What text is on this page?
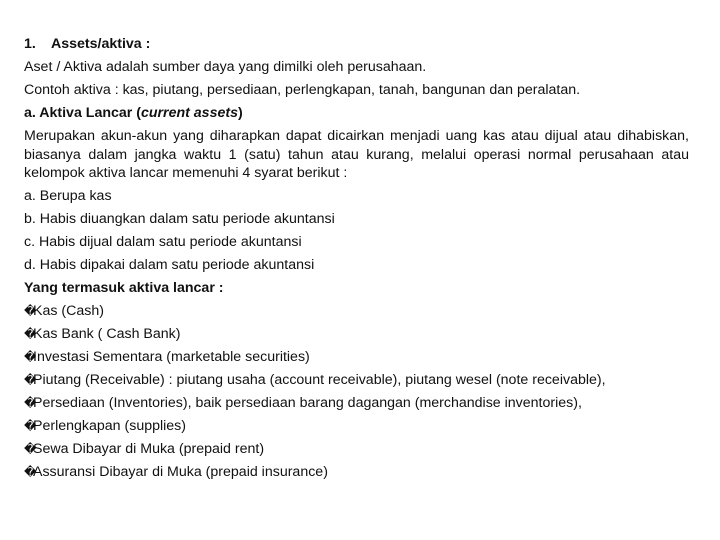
1. Assets/aktiva :
Aset / Aktiva adalah sumber daya yang dimilki oleh perusahaan.
Contoh aktiva : kas, piutang, persediaan, perlengkapan, tanah, bangunan dan peralatan.
a. Aktiva Lancar (current assets)
Merupakan akun-akun yang diharapkan dapat dicairkan menjadi uang kas atau dijual atau dihabiskan, biasanya dalam jangka waktu 1 (satu) tahun atau kurang, melalui operasi normal perusahaan atau kelompok aktiva lancar memenuhi 4 syarat berikut :
a. Berupa kas
b. Habis diuangkan dalam satu periode akuntansi
c. Habis dijual dalam satu periode akuntansi
d. Habis dipakai dalam satu periode akuntansi
Yang termasuk aktiva lancar :
�Kas (Cash)
�Kas Bank ( Cash Bank)
�Investasi Sementara (marketable securities)
�Piutang (Receivable) : piutang usaha (account receivable), piutang wesel (note receivable),
�Persediaan (Inventories), baik persediaan barang dagangan (merchandise inventories),
�Perlengkapan (supplies)
�Sewa Dibayar di Muka (prepaid rent)
�Assuransi Dibayar di Muka (prepaid insurance)
